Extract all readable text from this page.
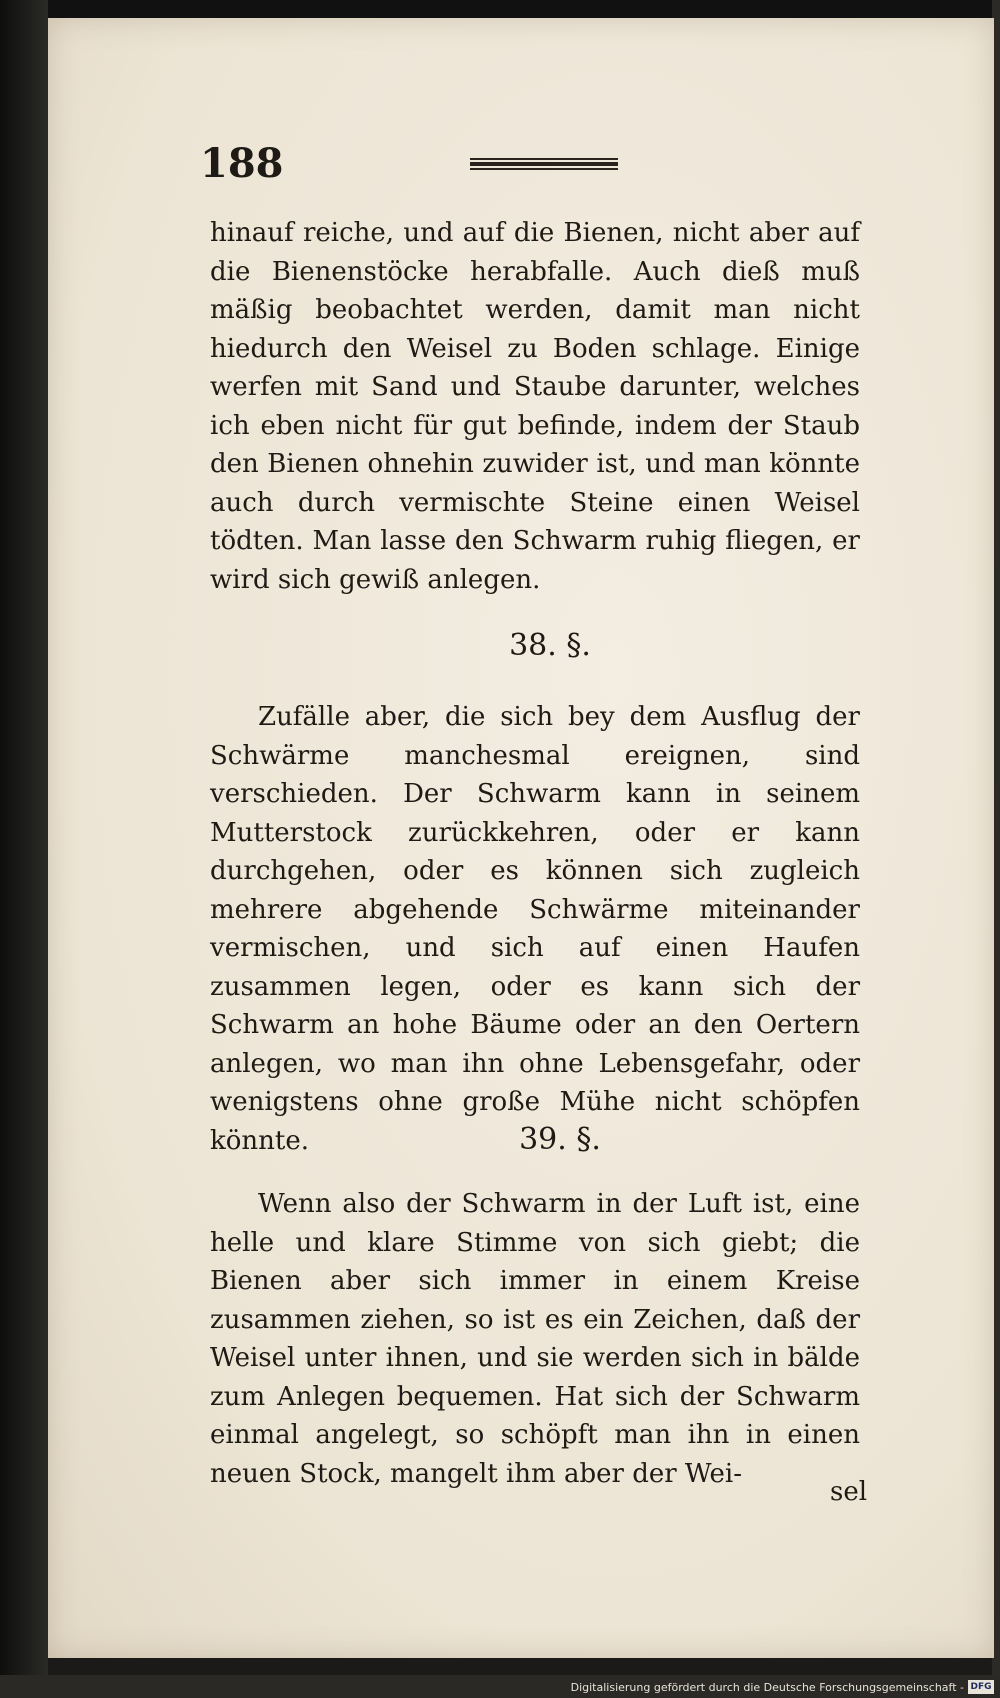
188
hinauf reiche, und auf die Bienen, nicht aber auf die Bienenstöcke herabfalle. Auch dieß muß mäßig beobachtet werden, damit man nicht hiedurch den Weisel zu Boden schlage. Einige werfen mit Sand und Staube darunter, welches ich eben nicht für gut befinde, indem der Staub den Bienen ohnehin zuwider ist, und man könnte auch durch vermischte Steine einen Weisel tödten. Man lasse den Schwarm ruhig fliegen, er wird sich gewiß anlegen.
38. §.
Zufälle aber, die sich bey dem Ausflug der Schwärme manchesmal ereignen, sind verschieden. Der Schwarm kann in seinem Mutterstock zurückkehren, oder er kann durchgehen, oder es können sich zugleich mehrere abgehende Schwärme miteinander vermischen, und sich auf einen Haufen zusammen legen, oder es kann sich der Schwarm an hohe Bäume oder an den Oertern anlegen, wo man ihn ohne Lebensgefahr, oder wenigstens ohne große Mühe nicht schöpfen könnte.	39. §.
Wenn also der Schwarm in der Luft ist, eine helle und klare Stimme von sich giebt; die Bienen aber sich immer in einem Kreise zusammen ziehen, so ist es ein Zeichen, daß der Weisel unter ihnen, und sie werden sich in bälde zum Anlegen bequemen. Hat sich der Schwarm einmal angelegt, so schöpft man ihn in einen neuen Stock, mangelt ihm aber der Wei-
sel
Digitalisierung gefördert durch die Deutsche Forschungsgemeinschaft - DFG
